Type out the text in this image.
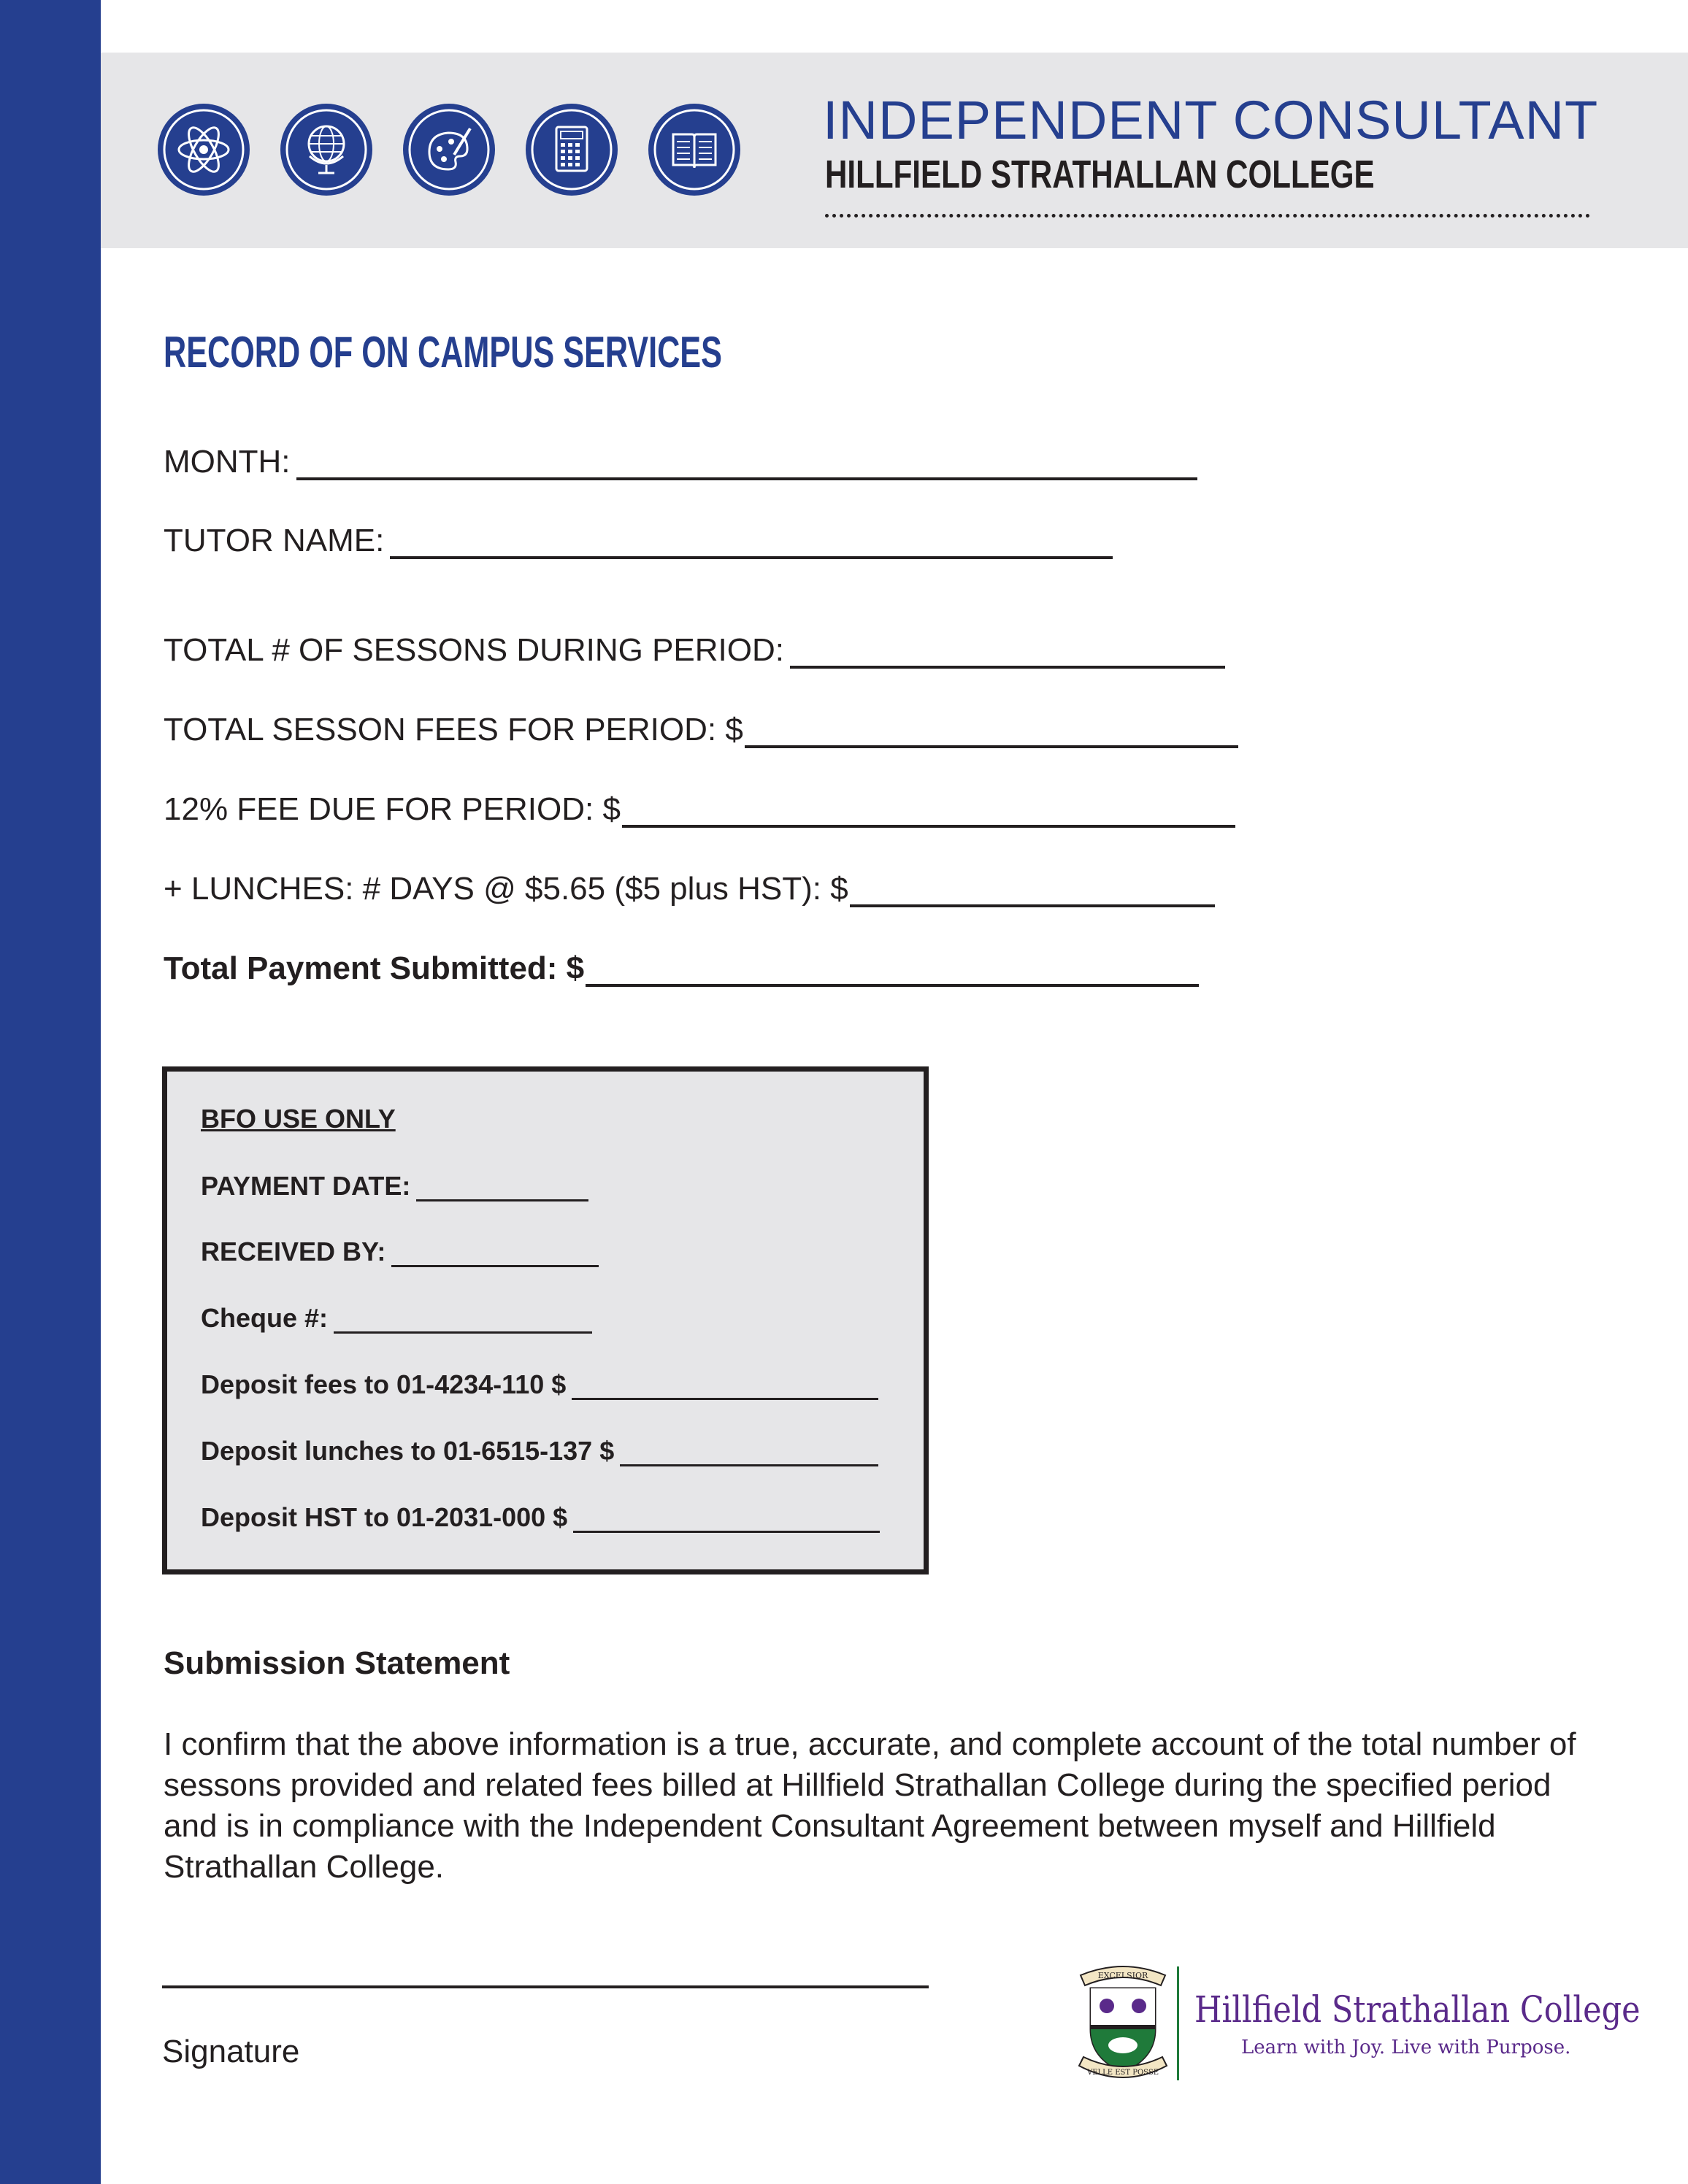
INDEPENDENT CONSULTANT
HILLFIELD STRATHALLAN COLLEGE
RECORD OF ON CAMPUS SERVICES
MONTH:
TUTOR NAME:
TOTAL # OF SESSONS DURING PERIOD:
TOTAL SESSON FEES FOR PERIOD: $
12% FEE DUE FOR PERIOD: $
+ LUNCHES: # DAYS @ $5.65 ($5 plus HST): $
Total Payment Submitted: $
BFO USE ONLY
PAYMENT DATE:
RECEIVED BY:
Cheque #:
Deposit fees to 01-4234-110 $
Deposit lunches to 01-6515-137 $
Deposit HST to 01-2031-000 $
Submission Statement
I confirm that the above information is a true, accurate, and complete account of the total number of sessons provided and related fees billed at Hillfield Strathallan College during the specified period and is in compliance with the Independent Consultant Agreement between myself and Hillfield Strathallan College.
Signature
EXCELSIOR
VELLE EST POSSE
Hillfield Strathallan College
Learn with Joy. Live with Purpose.
